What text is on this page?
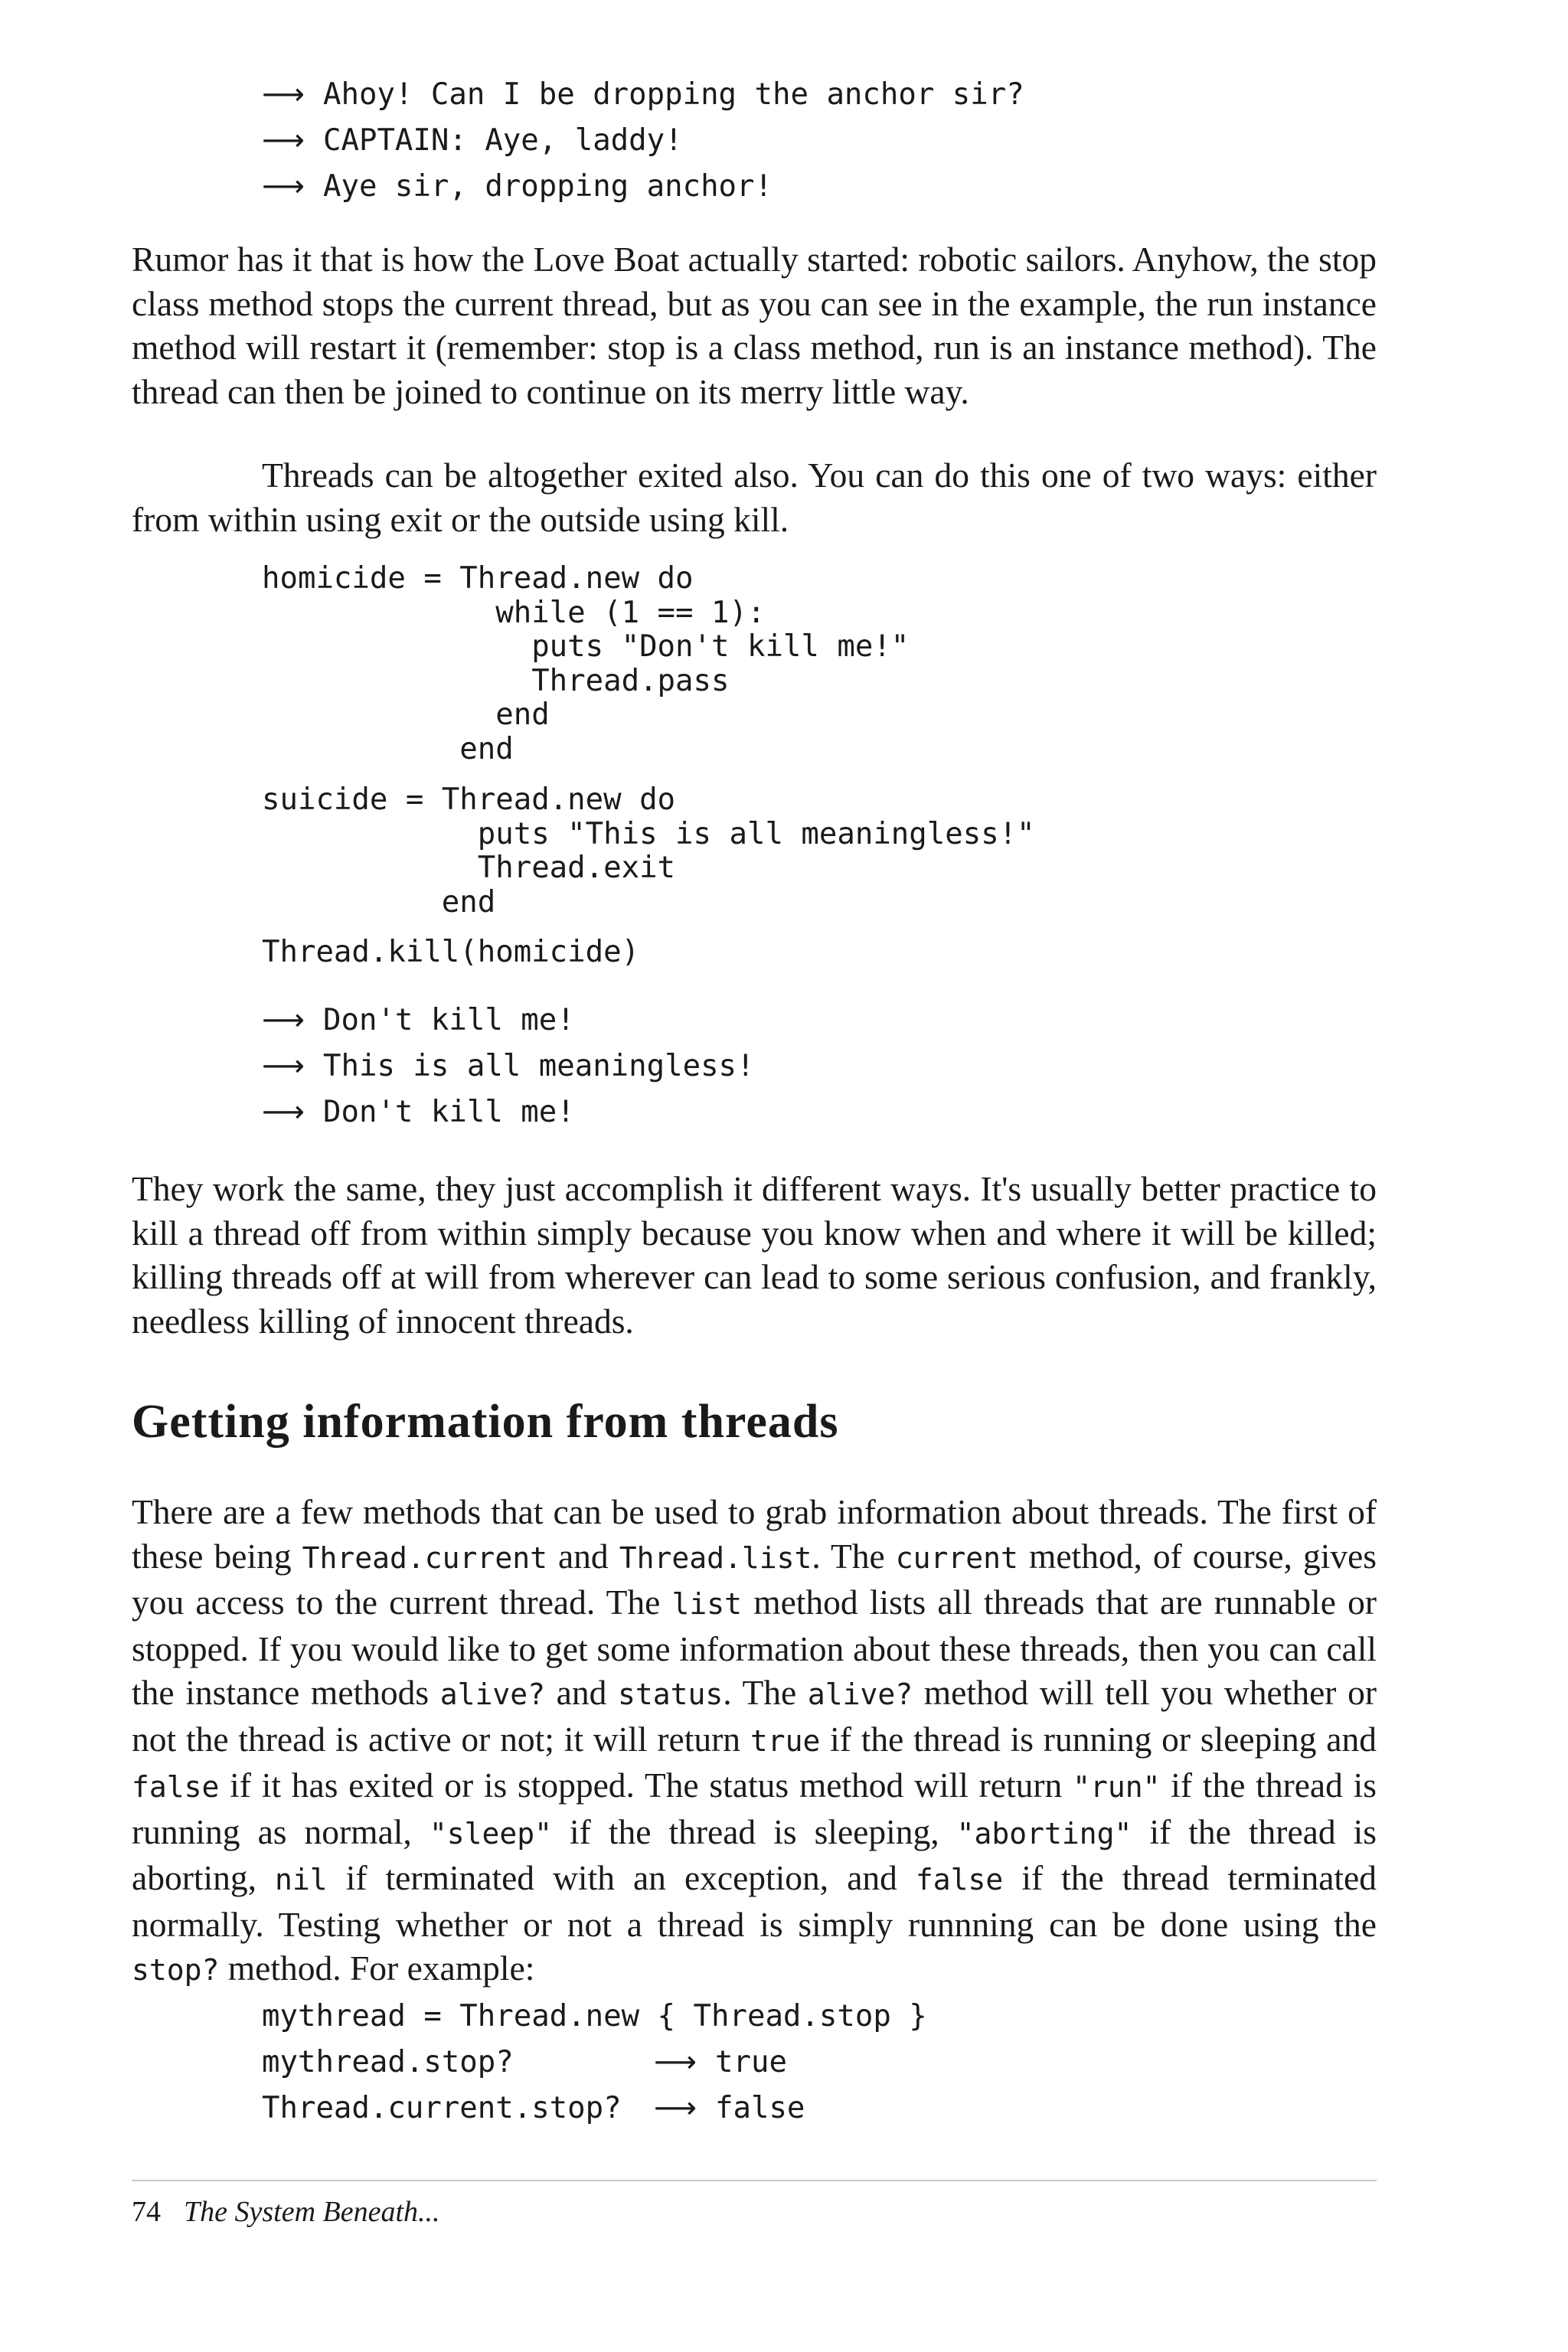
⟶ Ahoy! Can I be dropping the anchor sir?
⟶ CAPTAIN: Aye, laddy!
⟶ Aye sir, dropping anchor!

Rumor has it that is how the Love Boat actually started: robotic sailors. Anyhow, the stop class method stops the current thread, but as you can see in the example, the run instance method will restart it (remember: stop is a class method, run is an instance method). The thread can then be joined to continue on its merry little way.

Threads can be altogether exited also. You can do this one of two ways: either from within using exit or the outside using kill.

homicide = Thread.new do
while (1 == 1):
puts "Don't kill me!"
Thread.pass
end
end
suicide = Thread.new do
puts "This is all meaningless!"
Thread.exit
end
Thread.kill(homicide)
⟶ Don't kill me!
⟶ This is all meaningless!
⟶ Don't kill me!

They work the same, they just accomplish it different ways. It's usually better practice to kill a thread off from within simply because you know when and where it will be killed; killing threads off at will from wherever can lead to some serious confusion, and frankly, needless killing of innocent threads.

Getting information from threads

There are a few methods that can be used to grab information about threads. The first of these being Thread.current and Thread.list. The current method, of course, gives you access to the current thread. The list method lists all threads that are runnable or stopped. If you would like to get some information about these threads, then you can call the instance methods alive? and status. The alive? method will tell you whether or not the thread is active or not; it will return true if the thread is running or sleeping and false if it has exited or is stopped. The status method will return "run" if the thread is running as normal, "sleep" if the thread is sleeping, "aborting" if the thread is aborting, nil if terminated with an exception, and false if the thread terminated normally. Testing whether or not a thread is simply runnning can be done using the stop? method. For example:

mythread = Thread.new { Thread.stop }
mythread.stop?	⟶ true
Thread.current.stop? ⟶ false
74 The System Beneath...
